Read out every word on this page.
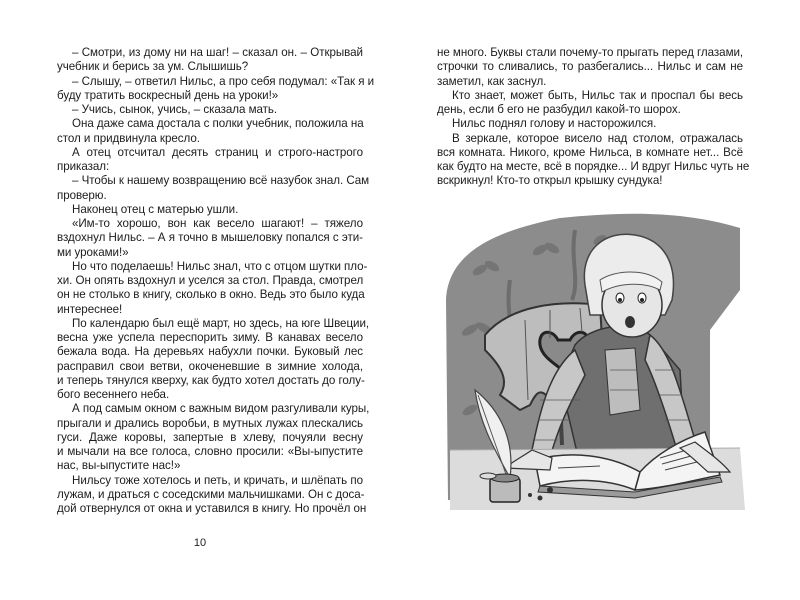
– Смотри, из дому ни на шаг! – сказал он. – Открывай
учебник и берись за ум. Слышишь?
– Слышу, – ответил Нильс, а про себя подумал: «Так я и
буду тратить воскресный день на уроки!»
– Учись, сынок, учись, – сказала мать.
Она даже сама достала с полки учебник, положила на
стол и придвинула кресло.
А отец отсчитал десять страниц и строго-настрого
приказал:
– Чтобы к нашему возвращению всё назубок знал. Сам
проверю.
Наконец отец с матерью ушли.
«Им-то хорошо, вон как весело шагают! – тяжело
вздохнул Нильс. – А я точно в мышеловку попался с эти-
ми уроками!»
Но что поделаешь! Нильс знал, что с отцом шутки пло-
хи. Он опять вздохнул и уселся за стол. Правда, смотрел
он не столько в книгу, сколько в окно. Ведь это было куда
интереснее!
По календарю был ещё март, но здесь, на юге Швеции,
весна уже успела переспорить зиму. В канавах весело
бежала вода. На деревьях набухли почки. Буковый лес
расправил свои ветви, окоченевшие в зимние холода,
и теперь тянулся кверху, как будто хотел достать до голу-
бого весеннего неба.
А под самым окном с важным видом разгуливали куры,
прыгали и дрались воробьи, в мутных лужах плескались
гуси. Даже коровы, запертые в хлеву, почуяли весну
и мычали на все голоса, словно просили: «Вы-ыпустите
нас, вы-ыпустите нас!»
Нильсу тоже хотелось и петь, и кричать, и шлёпать по
лужам, и драться с соседскими мальчишками. Он с доса-
дой отвернулся от окна и уставился в книгу. Но прочёл он
10
не много. Буквы стали почему-то прыгать перед глазами,
строчки то сливались, то разбегались... Нильс и сам не
заметил, как заснул.
Кто знает, может быть, Нильс так и проспал бы весь
день, если б его не разбудил какой-то шорох.
Нильс поднял голову и насторожился.
В зеркале, которое висело над столом, отражалась
вся комната. Никого, кроме Нильса, в комнате нет... Всё
как будто на месте, всё в порядке... И вдруг Нильс чуть не
вскрикнул! Кто-то открыл крышку сундука!
